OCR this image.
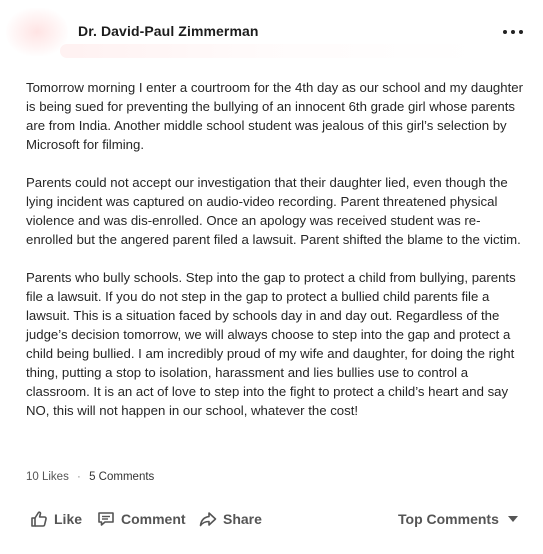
Dr. David-Paul Zimmerman

Tomorrow morning I enter a courtroom for the 4th day as our school and my daughter is being sued for preventing the bullying of an innocent 6th grade girl whose parents are from India. Another middle school student was jealous of this girl’s selection by Microsoft for filming.

Parents could not accept our investigation that their daughter lied, even though the lying incident was captured on audio-video recording. Parent threatened physical violence and was dis-enrolled. Once an apology was received student was re-enrolled but the angered parent filed a lawsuit. Parent shifted the blame to the victim.

Parents who bully schools. Step into the gap to protect a child from bullying, parents file a lawsuit. If you do not step in the gap to protect a bullied child parents file a lawsuit. This is a situation faced by schools day in and day out. Regardless of the judge’s decision tomorrow, we will always choose to step into the gap and protect a child being bullied. I am incredibly proud of my wife and daughter, for doing the right thing, putting a stop to isolation, harassment and lies bullies use to control a classroom. It is an act of love to step into the fight to protect a child’s heart and say NO, this will not happen in our school, whatever the cost!

10 Likes · 5 Comments
Like	Comment	Share	Top Comments
